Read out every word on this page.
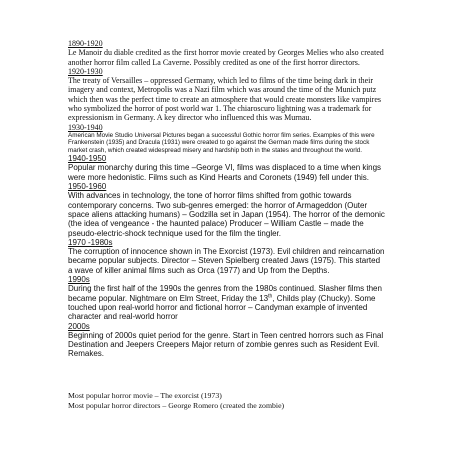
1890-1920

Le Manoir du diable credited as the first horror movie created by Georges Melies who also created another horror film called La Caverne. Possibly credited as one of the first horror directors.

1920-1930

The treaty of Versailles – oppressed Germany, which led to films of the time being dark in their imagery and context, Metropolis was a Nazi film which was around the time of the Munich putz which then was the perfect time to create an atmosphere that would create monsters like vampires who symbolized the horror of post world war 1. The chiaroscuro lightning was a trademark for expressionism in Germany. A key director who influenced this was Murnau.

1930-1940

American Movie Studio Universal Pictures began a successful Gothic horror film series. Examples of this were Frankenstein (1935) and Dracula (1931) were created to go against the German made films during the stock market crash, which created widespread misery and hardship both in the states and throughout the world.

1940-1950

Popular monarchy during this time –George VI, films was displaced to a time when kings were more hedonistic. Films such as Kind Hearts and Coronets (1949) fell under this.

1950-1960

With advances in technology, the tone of horror films shifted from gothic towards contemporary concerns. Two sub-genres emerged: the horror of Armageddon (Outer space aliens attacking humans) – Godzilla set in Japan (1954). The horror of the demonic (the idea of vengeance - the haunted palace) Producer – William Castle – made the pseudo-electric-shock technique used for the film the tingler.

1970 -1980s

The corruption of innocence shown in The Exorcist (1973). Evil children and reincarnation became popular subjects. Director – Steven Spielberg created Jaws (1975). This started a wave of killer animal films such as Orca (1977) and Up from the Depths.

1990s

During the first half of the 1990s the genres from the 1980s continued. Slasher films then became popular. Nightmare on Elm Street, Friday the 13th, Childs play (Chucky). Some touched upon real-world horror and fictional horror – Candyman example of invented character and real-world horror

2000s

Beginning of 2000s quiet period for the genre. Start in Teen centred horrors such as Final Destination and Jeepers Creepers Major return of zombie genres such as Resident Evil. Remakes.

Most popular horror movie – The exorcist (1973)

Most popular horror directors – George Romero (created the zombie)
